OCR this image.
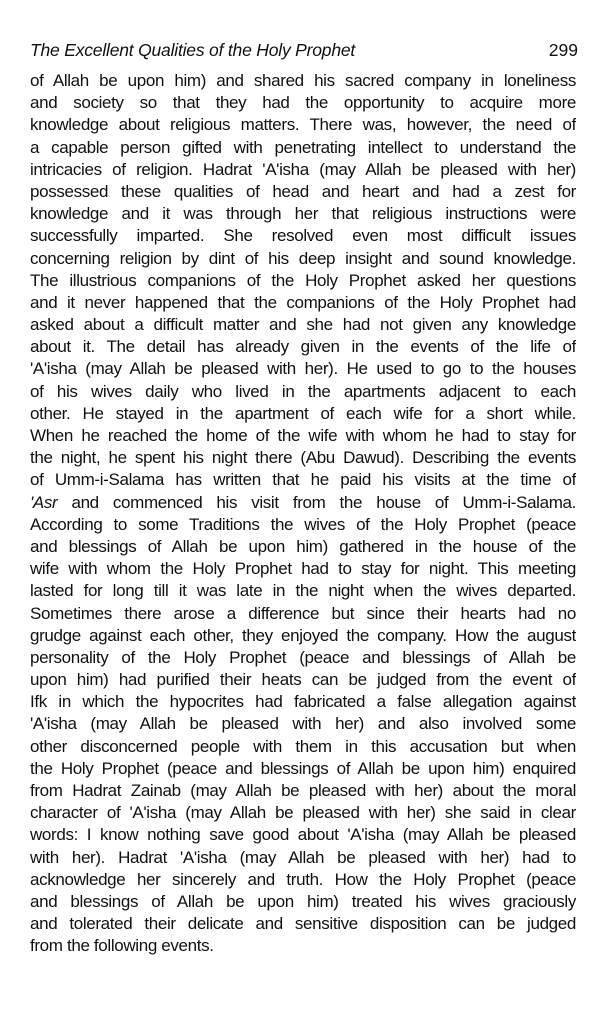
The Excellent Qualities of the Holy Prophet	299
of Allah be upon him) and shared his sacred company in loneliness
and society so that they had the opportunity to acquire more
knowledge about religious matters. There was, however, the need of
a capable person gifted with penetrating intellect to understand the
intricacies of religion. Hadrat 'A'isha (may Allah be pleased with her)
possessed these qualities of head and heart and had a zest for
knowledge and it was through her that religious instructions were
successfully imparted. She resolved even most difficult issues
concerning religion by dint of his deep insight and sound knowledge.
The illustrious companions of the Holy Prophet asked her questions
and it never happened that the companions of the Holy Prophet had
asked about a difficult matter and she had not given any knowledge
about it. The detail has already given in the events of the life of
'A'isha (may Allah be pleased with her). He used to go to the houses
of his wives daily who lived in the apartments adjacent to each
other. He stayed in the apartment of each wife for a short while.
When he reached the home of the wife with whom he had to stay for
the night, he spent his night there (Abu Dawud). Describing the events
of Umm-i-Salama has written that he paid his visits at the time of
'Asr and commenced his visit from the house of Umm-i-Salama.
According to some Traditions the wives of the Holy Prophet (peace
and blessings of Allah be upon him) gathered in the house of the
wife with whom the Holy Prophet had to stay for night. This meeting
lasted for long till it was late in the night when the wives departed.
Sometimes there arose a difference but since their hearts had no
grudge against each other, they enjoyed the company. How the august
personality of the Holy Prophet (peace and blessings of Allah be
upon him) had purified their heats can be judged from the event of
Ifk in which the hypocrites had fabricated a false allegation against
'A'isha (may Allah be pleased with her) and also involved some
other disconcerned people with them in this accusation but when
the Holy Prophet (peace and blessings of Allah be upon him) enquired
from Hadrat Zainab (may Allah be pleased with her) about the moral
character of 'A'isha (may Allah be pleased with her) she said in clear
words: I know nothing save good about 'A'isha (may Allah be pleased
with her). Hadrat 'A'isha (may Allah be pleased with her) had to
acknowledge her sincerely and truth. How the Holy Prophet (peace
and blessings of Allah be upon him) treated his wives graciously
and tolerated their delicate and sensitive disposition can be judged
from the following events.
